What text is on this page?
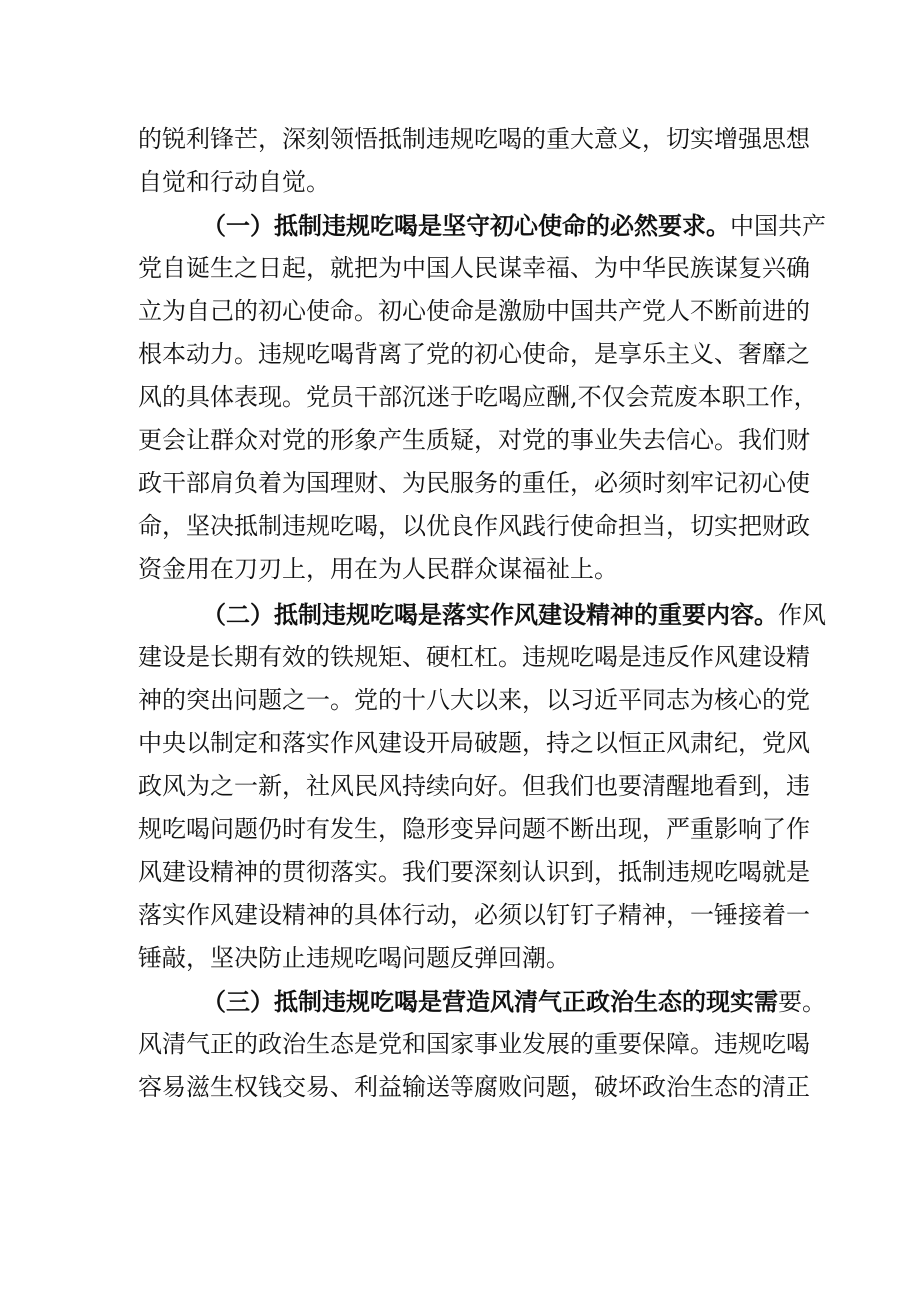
的锐利锋芒，深刻领悟抵制违规吃喝的重大意义，切实增强思想
自觉和行动自觉。
（一）抵制违规吃喝是坚守初心使命的必然要求。中国共产
党自诞生之日起，就把为中国人民谋幸福、为中华民族谋复兴确
立为自己的初心使命。初心使命是激励中国共产党人不断前进的
根本动力。违规吃喝背离了党的初心使命，是享乐主义、奢靡之
风的具体表现。党员干部沉迷于吃喝应酬,不仅会荒废本职工作，
更会让群众对党的形象产生质疑，对党的事业失去信心。我们财
政干部肩负着为国理财、为民服务的重任，必须时刻牢记初心使
命，坚决抵制违规吃喝，以优良作风践行使命担当，切实把财政
资金用在刀刃上，用在为人民群众谋福祉上。
（二）抵制违规吃喝是落实作风建设精神的重要内容。作风
建设是长期有效的铁规矩、硬杠杠。违规吃喝是违反作风建设精
神的突出问题之一。党的十八大以来，以习近平同志为核心的党
中央以制定和落实作风建设开局破题，持之以恒正风肃纪，党风
政风为之一新，社风民风持续向好。但我们也要清醒地看到，违
规吃喝问题仍时有发生，隐形变异问题不断出现，严重影响了作
风建设精神的贯彻落实。我们要深刻认识到，抵制违规吃喝就是
落实作风建设精神的具体行动，必须以钉钉子精神，一锤接着一
锤敲，坚决防止违规吃喝问题反弹回潮。
（三）抵制违规吃喝是营造风清气正政治生态的现实需要。
风清气正的政治生态是党和国家事业发展的重要保障。违规吃喝
容易滋生权钱交易、利益输送等腐败问题，破坏政治生态的清正
